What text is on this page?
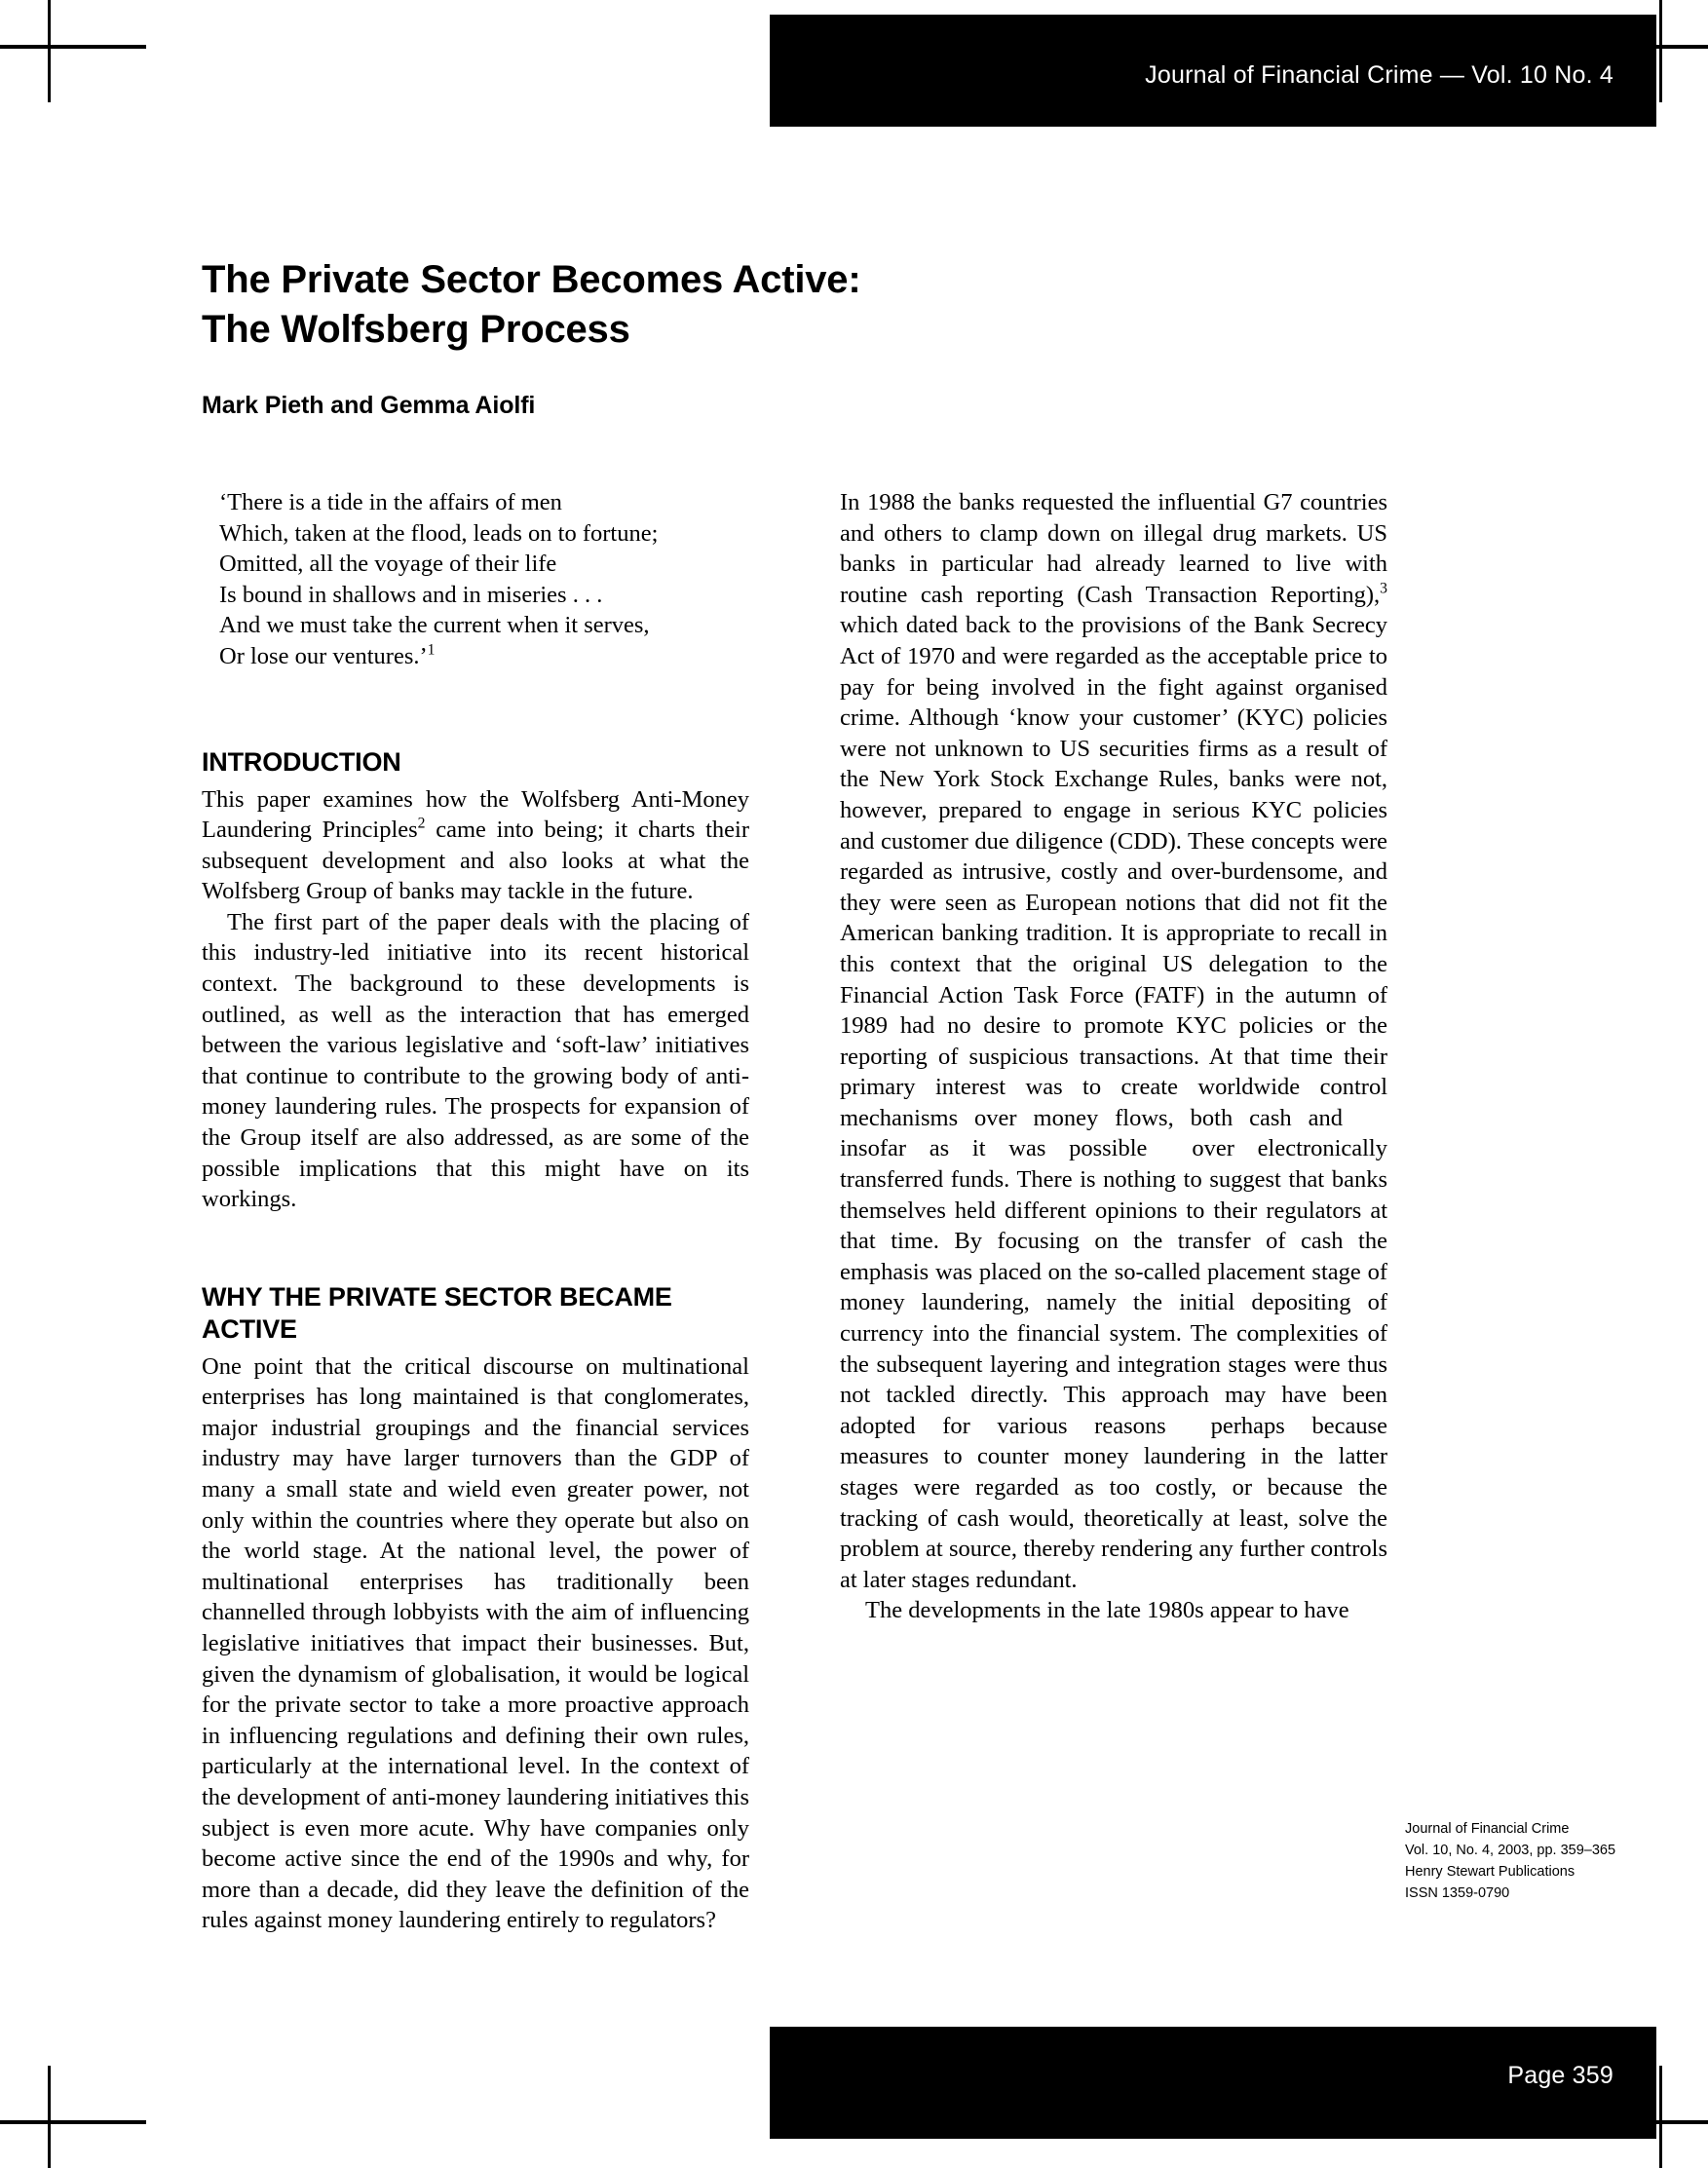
Journal of Financial Crime — Vol. 10 No. 4
The Private Sector Becomes Active:
The Wolfsberg Process

Mark Pieth and Gemma Aiolfi

‘There is a tide in the affairs of men
Which, taken at the flood, leads on to fortune;
Omitted, all the voyage of their life
Is bound in shallows and in miseries . . .
And we must take the current when it serves,
Or lose our ventures.’$^1$
INTRODUCTION

This paper examines how the Wolfsberg Anti-Money Laundering Principles$^2$ came into being; it charts their subsequent development and also looks at what the Wolfsberg Group of banks may tackle in the future.

The first part of the paper deals with the placing of this industry-led initiative into its recent historical context. The background to these developments is outlined, as well as the interaction that has emerged between the various legislative and ‘soft-law’ initiatives that continue to contribute to the growing body of anti-money laundering rules. The prospects for expansion of the Group itself are also addressed, as are some of the possible implications that this might have on its workings.

WHY THE PRIVATE SECTOR BECAME
ACTIVE

One point that the critical discourse on multinational enterprises has long maintained is that conglomerates, major industrial groupings and the financial services industry may have larger turnovers than the GDP of many a small state and wield even greater power, not only within the countries where they operate but also on the world stage. At the national level, the power of multinational enterprises has traditionally been channelled through lobbyists with the aim of influencing legislative initiatives that impact their businesses. But, given the dynamism of globalisation, it would be logical for the private sector to take a more proactive approach in influencing regulations and defining their own rules, particularly at the international level. In the context of the development of anti-money laundering initiatives this subject is even more acute. Why have companies only become active since the end of the 1990s and why, for more than a decade, did they leave the definition of the rules against money laundering entirely to regulators?

In 1988 the banks requested the influential G7 countries and others to clamp down on illegal drug markets. US banks in particular had already learned to live with routine cash reporting (Cash Transaction Reporting),$^3$ which dated back to the provisions of the Bank Secrecy Act of 1970 and were regarded as the acceptable price to pay for being involved in the fight against organised crime. Although ‘know your customer’ (KYC) policies were not unknown to US securities firms as a result of the New York Stock Exchange Rules, banks were not, however, prepared to engage in serious KYC policies and customer due diligence (CDD). These concepts were regarded as intrusive, costly and over-burdensome, and they were seen as European notions that did not fit the American banking tradition. It is appropriate to recall in this context that the original US delegation to the Financial Action Task Force (FATF) in the autumn of 1989 had no desire to promote KYC policies or the reporting of suspicious transactions. At that time their primary interest was to create worldwide control mechanisms over money flows, both cash andinsofar as it was possible over electronically transferred funds. There is nothing to suggest that banks themselves held different opinions to their regulators at that time. By focusing on the transfer of cash the emphasis was placed on the so-called placement stage of money laundering, namely the initial depositing of currency into the financial system. The complexities of the subsequent layering and integration stages were thus not tackled directly. This approach may have been adopted for various reasons perhaps because measures to counter money laundering in the latter stages were regarded as too costly, or because the tracking of cash would, theoretically at least, solve the problem at source, thereby rendering any further controls at later stages redundant.

The developments in the late 1980s appear to have

Journal of Financial Crime
Vol. 10, No. 4, 2003, pp. 359–365
Henry Stewart Publications
ISSN 1359-0790
Page 359
